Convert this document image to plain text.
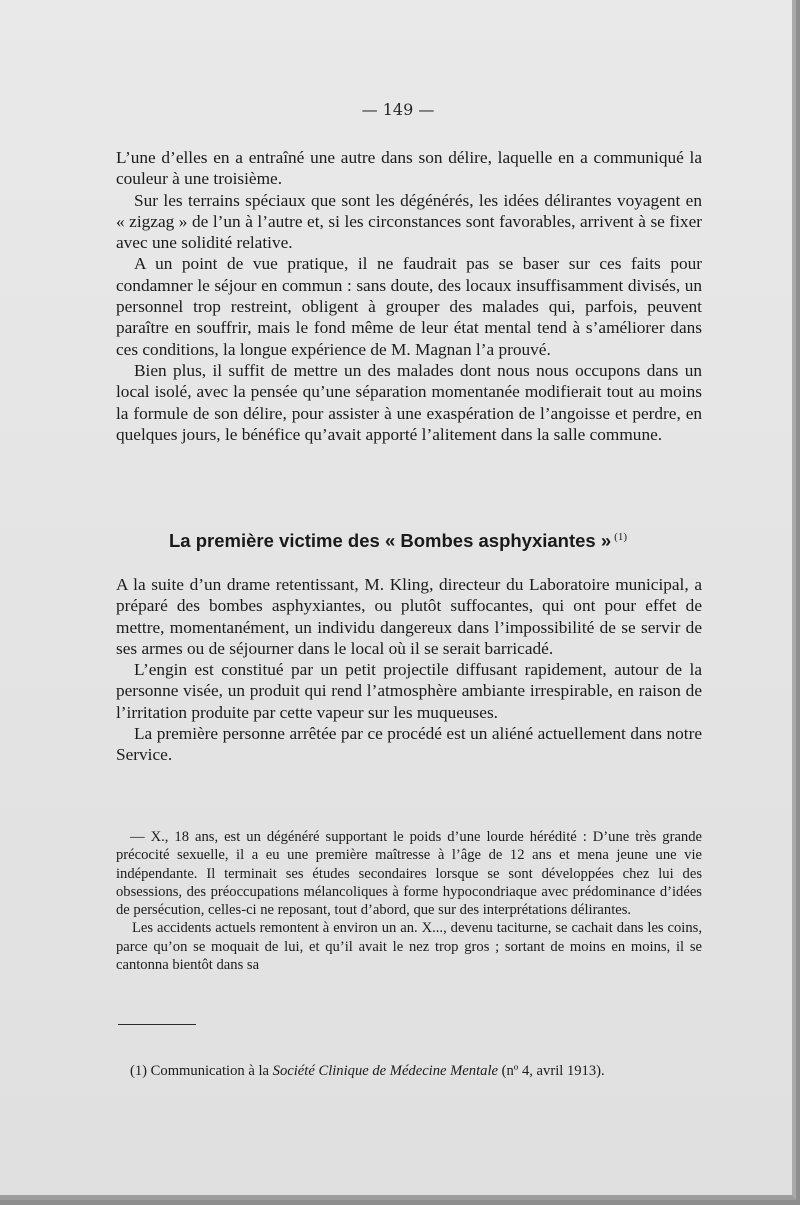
— 149 —

L’une d’elles en a entraîné une autre dans son délire, laquelle en a communiqué la couleur à une troisième.

Sur les terrains spéciaux que sont les dégénérés, les idées délirantes voyagent en « zigzag » de l’un à l’autre et, si les circonstances sont favorables, arrivent à se fixer avec une solidité relative.

A un point de vue pratique, il ne faudrait pas se baser sur ces faits pour condamner le séjour en commun : sans doute, des locaux insuffisamment divisés, un personnel trop restreint, obligent à grouper des malades qui, parfois, peuvent paraître en souffrir, mais le fond même de leur état mental tend à s’améliorer dans ces conditions, la longue expérience de M. Magnan l’a prouvé.

Bien plus, il suffit de mettre un des malades dont nous nous occupons dans un local isolé, avec la pensée qu’une séparation momentanée modifierait tout au moins la formule de son délire, pour assister à une exaspération de l’angoisse et perdre, en quelques jours, le bénéfice qu’avait apporté l’alitement dans la salle commune.

La première victime des « Bombes asphyxiantes » $^{(1)}$

A la suite d’un drame retentissant, M. Kling, directeur du Laboratoire municipal, a préparé des bombes asphyxiantes, ou plutôt suffocantes, qui ont pour effet de mettre, momentanément, un individu dangereux dans l’impossibilité de se servir de ses armes ou de séjourner dans le local où il se serait barricadé.

L’engin est constitué par un petit projectile diffusant rapidement, autour de la personne visée, un produit qui rend l’atmosphère ambiante irrespirable, en raison de l’irritation produite par cette vapeur sur les muqueuses.

La première personne arrêtée par ce procédé est un aliéné actuellement dans notre Service.

— X., 18 ans, est un dégénéré supportant le poids d’une lourde hérédité : D’une très grande précocité sexuelle, il a eu une première maîtresse à l’âge de 12 ans et mena jeune une vie indépendante. Il terminait ses études secondaires lorsque se sont développées chez lui des obsessions, des préoccupations mélancoliques à forme hypocondriaque avec prédominance d’idées de persécution, celles-ci ne reposant, tout d’abord, que sur des interprétations délirantes.

Les accidents actuels remontent à environ un an. X..., devenu taciturne, se cachait dans les coins, parce qu’on se moquait de lui, et qu’il avait le nez trop gros ; sortant de moins en moins, il se cantonna bientôt dans sa

(1) Communication à la Société Clinique de Médecine Mentale (nº 4, avril 1913).
